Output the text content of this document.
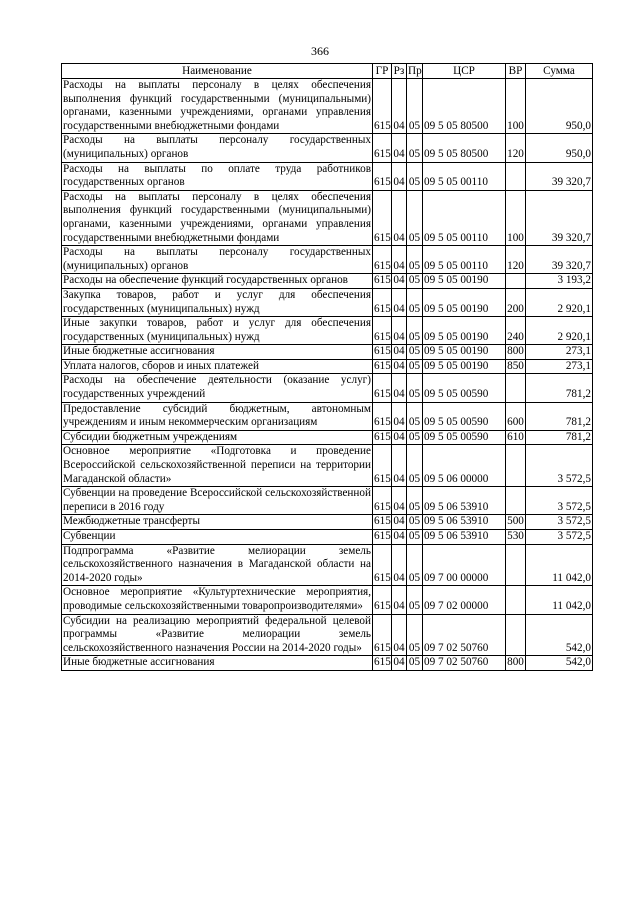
366
Наименование	ГР	Рз	Пр	ЦСР	ВР	Сумма
Расходы на выплаты персоналу в целях обеспечения выполнения функций государственными (муниципальными) органами, казенными учреждениями, органами управления государственными внебюджетными фондами	615	04	05	09 5 05 80500	100	950,0
Расходы на выплаты персоналу государственных (муниципальных) органов	615	04	05	09 5 05 80500	120	950,0
Расходы на выплаты по оплате труда работников государственных органов	615	04	05	09 5 05 00110		39 320,7
Расходы на выплаты персоналу в целях обеспечения выполнения функций государственными (муниципальными) органами, казенными учреждениями, органами управления государственными внебюджетными фондами	615	04	05	09 5 05 00110	100	39 320,7
Расходы на выплаты персоналу государственных (муниципальных) органов	615	04	05	09 5 05 00110	120	39 320,7
Расходы на обеспечение функций государственных органов	615	04	05	09 5 05 00190		3 193,2
Закупка товаров, работ и услуг для обеспечения государственных (муниципальных) нужд	615	04	05	09 5 05 00190	200	2 920,1
Иные закупки товаров, работ и услуг для обеспечения государственных (муниципальных) нужд	615	04	05	09 5 05 00190	240	2 920,1
Иные бюджетные ассигнования	615	04	05	09 5 05 00190	800	273,1
Уплата налогов, сборов и иных платежей	615	04	05	09 5 05 00190	850	273,1
Расходы на обеспечение деятельности (оказание услуг) государственных учреждений	615	04	05	09 5 05 00590		781,2
Предоставление субсидий бюджетным, автономным учреждениям и иным некоммерческим организациям	615	04	05	09 5 05 00590	600	781,2
Субсидии бюджетным учреждениям	615	04	05	09 5 05 00590	610	781,2
Основное мероприятие «Подготовка и проведение Всероссийской сельскохозяйственной переписи на территории Магаданской области»	615	04	05	09 5 06 00000		3 572,5
Субвенции на проведение Всероссийской сельскохозяйственной переписи в 2016 году	615	04	05	09 5 06 53910		3 572,5
Межбюджетные трансферты	615	04	05	09 5 06 53910	500	3 572,5
Субвенции	615	04	05	09 5 06 53910	530	3 572,5
Подпрограмма «Развитие мелиорации земель сельскохозяйственного назначения в Магаданской области на 2014-2020 годы»	615	04	05	09 7 00 00000		11 042,0
Основное мероприятие «Культуртехнические мероприятия, проводимые сельскохозяйственными товаропроизводителями»	615	04	05	09 7 02 00000		11 042,0
Субсидии на реализацию мероприятий федеральной целевой программы «Развитие мелиорации земель сельскохозяйственного назначения России на 2014-2020 годы»	615	04	05	09 7 02 50760		542,0
Иные бюджетные ассигнования	615	04	05	09 7 02 50760	800	542,0
